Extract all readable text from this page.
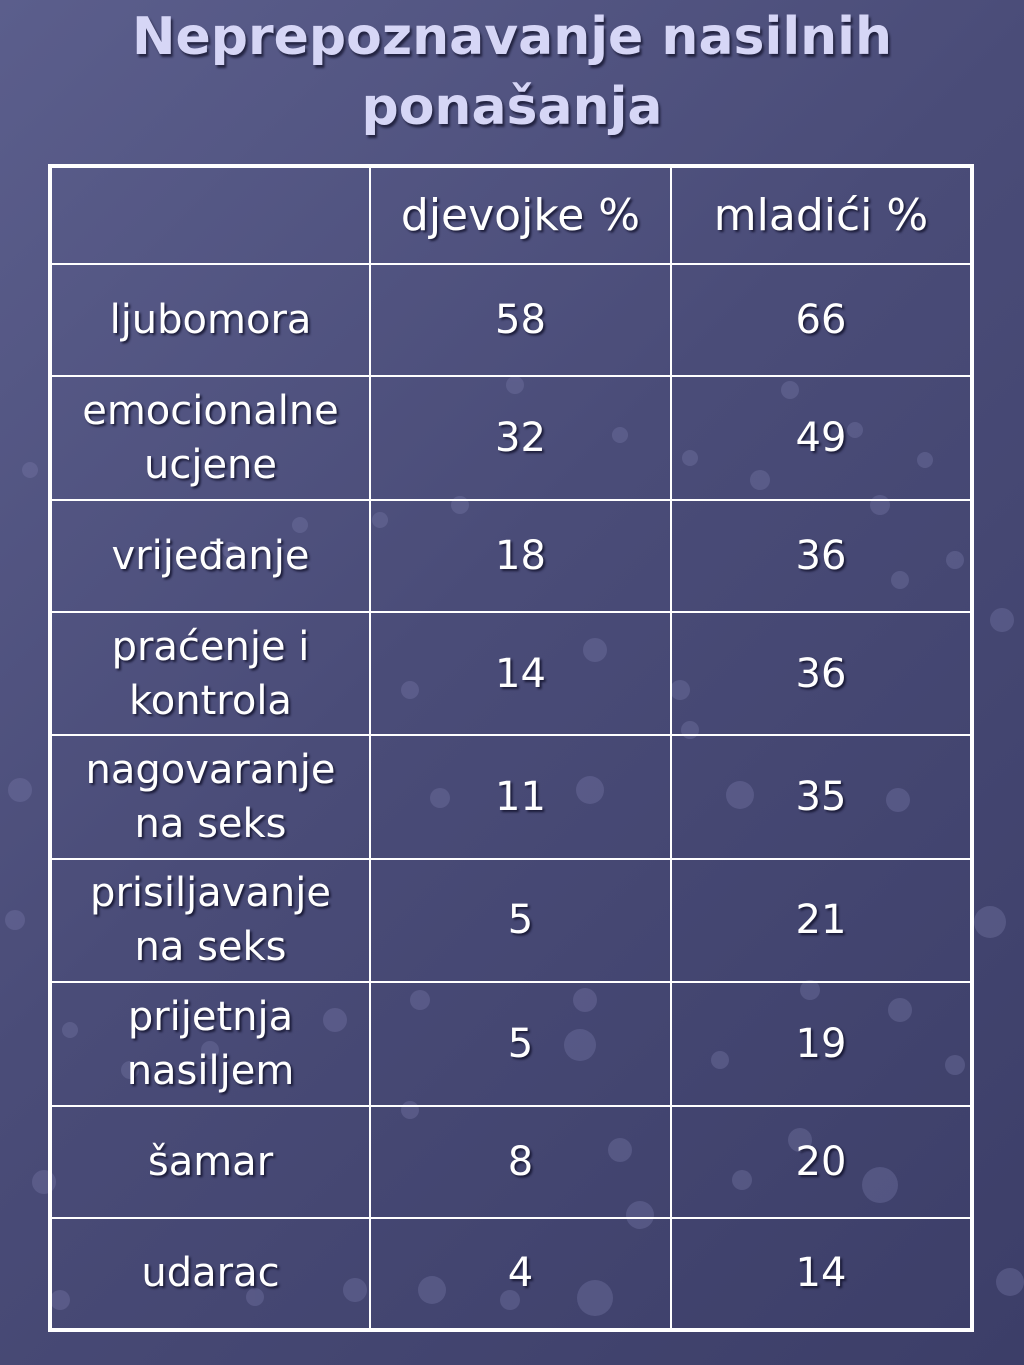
Neprepoznavanje nasilnih
ponašanja
	djevojke %	mladići %

ljubomora	58	66

emocionalne
ucjene	32	49

vrijeđanje	18	36

praćenje i
kontrola	14	36

nagovaranje
na seks	11	35

prisiljavanje
na seks	5	21

prijetnja
nasiljem	5	19

šamar	8	20

udarac	4	14
